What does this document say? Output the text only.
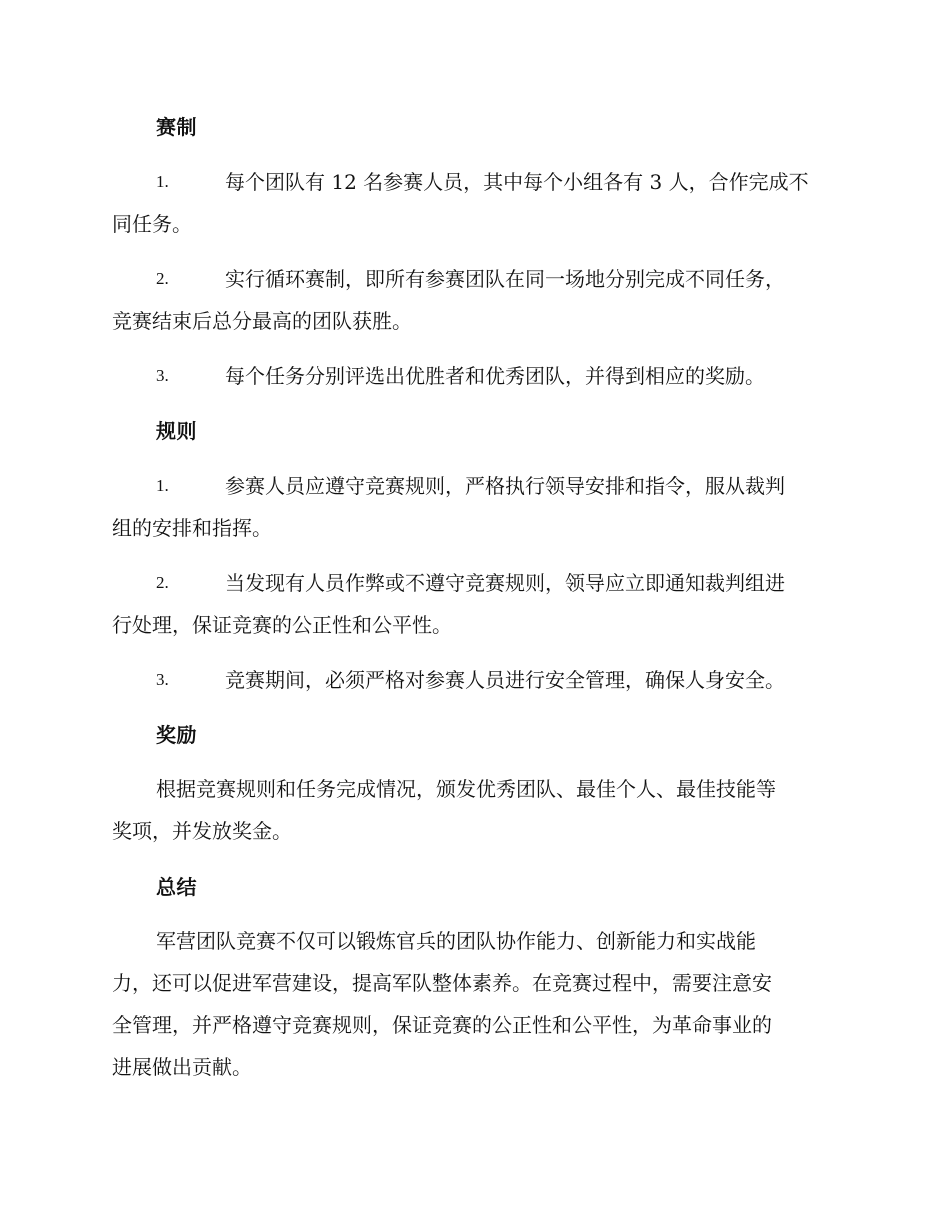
赛制
1.	每个团队有 12 名参赛人员，其中每个小组各有 3 人，合作完成不
同任务。
2.	实行循环赛制，即所有参赛团队在同一场地分别完成不同任务，
竞赛结束后总分最高的团队获胜。
3.	每个任务分别评选出优胜者和优秀团队，并得到相应的奖励。
规则
1.	参赛人员应遵守竞赛规则，严格执行领导安排和指令，服从裁判
组的安排和指挥。
2.	当发现有人员作弊或不遵守竞赛规则，领导应立即通知裁判组进
行处理，保证竞赛的公正性和公平性。
3.	竞赛期间，必须严格对参赛人员进行安全管理，确保人身安全。
奖励
根据竞赛规则和任务完成情况，颁发优秀团队、最佳个人、最佳技能等
奖项，并发放奖金。
总结
军营团队竞赛不仅可以锻炼官兵的团队协作能力、创新能力和实战能
力，还可以促进军营建设，提高军队整体素养。在竞赛过程中，需要注意安
全管理，并严格遵守竞赛规则，保证竞赛的公正性和公平性，为革命事业的
进展做出贡献。
